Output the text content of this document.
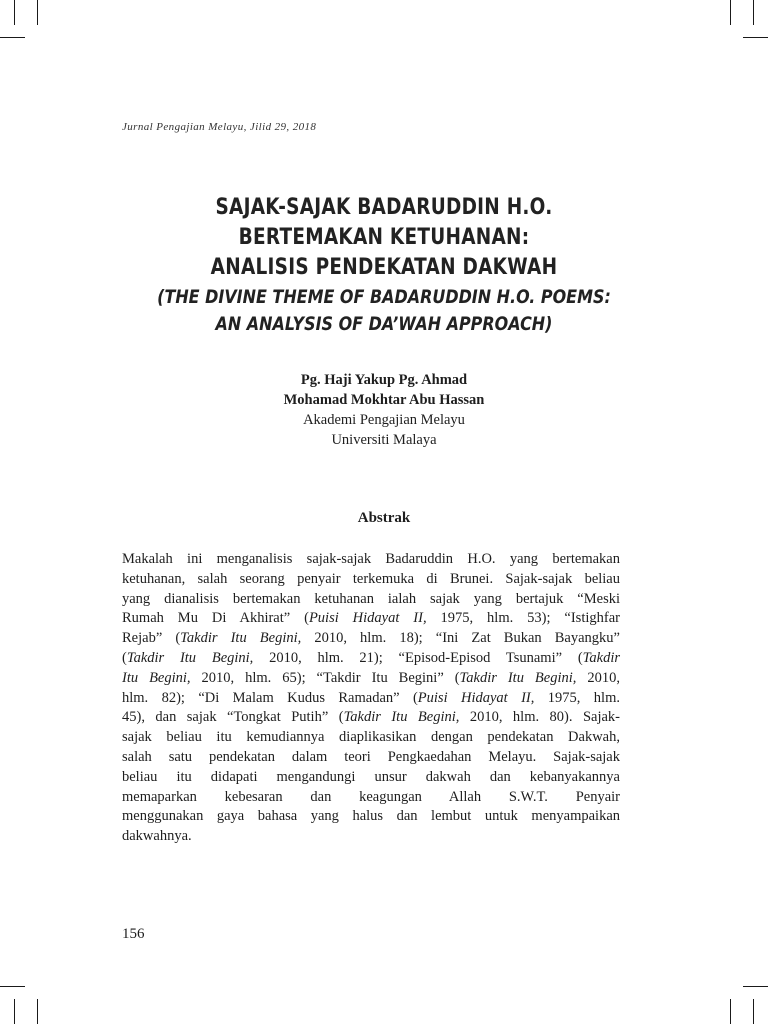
Jurnal Pengajian Melayu, Jilid 29, 2018
SAJAK-SAJAK BADARUDDIN H.O.
BERTEMAKAN KETUHANAN:
ANALISIS PENDEKATAN DAKWAH
(THE DIVINE THEME OF BADARUDDIN H.O. POEMS:
AN ANALYSIS OF DA’WAH APPROACH)
Pg. Haji Yakup Pg. Ahmad
Mohamad Mokhtar Abu Hassan
Akademi Pengajian Melayu
Universiti Malaya
Abstrak
Makalah ini menganalisis sajak-sajak Badaruddin H.O. yang bertemakan
ketuhanan, salah seorang penyair terkemuka di Brunei. Sajak-sajak beliau
yang dianalisis bertemakan ketuhanan ialah sajak yang bertajuk “Meski
Rumah Mu Di Akhirat” (Puisi Hidayat II, 1975, hlm. 53); “Istighfar
Rejab” (Takdir Itu Begini, 2010, hlm. 18); “Ini Zat Bukan Bayangku”
(Takdir Itu Begini, 2010, hlm. 21); “Episod-Episod Tsunami” (Takdir
Itu Begini, 2010, hlm. 65); “Takdir Itu Begini” (Takdir Itu Begini, 2010,
hlm. 82); “Di Malam Kudus Ramadan” (Puisi Hidayat II, 1975, hlm.
45), dan sajak “Tongkat Putih” (Takdir Itu Begini, 2010, hlm. 80). Sajak-
sajak beliau itu kemudiannya diaplikasikan dengan pendekatan Dakwah,
salah satu pendekatan dalam teori Pengkaedahan Melayu. Sajak-sajak
beliau itu didapati mengandungi unsur dakwah dan kebanyakannya
memaparkan kebesaran dan keagungan Allah S.W.T. Penyair
menggunakan gaya bahasa yang halus dan lembut untuk menyampaikan
dakwahnya.
156
